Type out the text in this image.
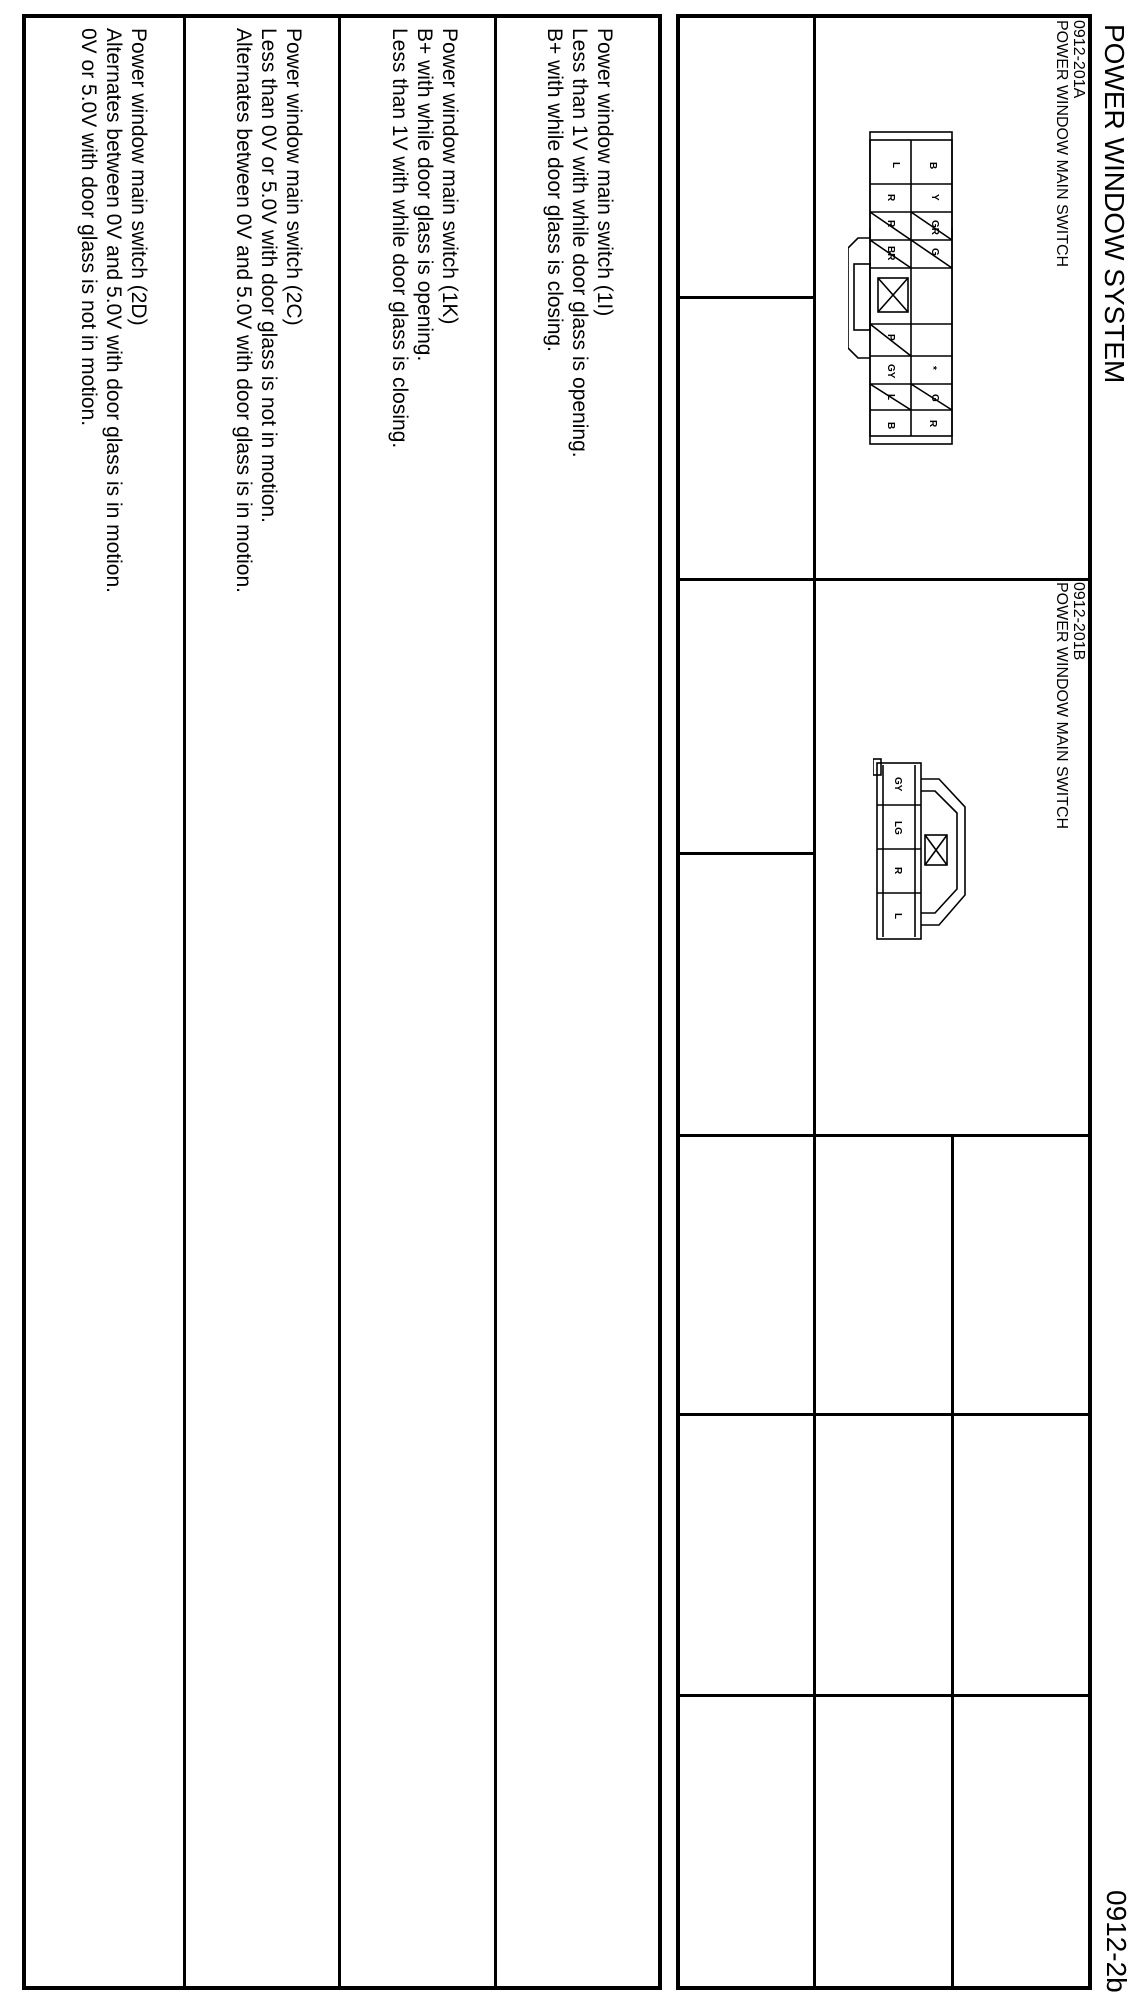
POWER WINDOW SYSTEM
0912-2b
0912-201A
POWER WINDOW MAIN SWITCH
B
L
Y
R
GR
R
G
BR
P
GY	*
G
L
R
B
0912-201B
POWER WINDOW MAIN SWITCH
GY
LG
R
L
Power window main switch (1I)
Less than 1V with while door glass is opening.
B+ with while door glass is closing.
Power window main switch (1K)
B+ with while door glass is opening.
Less than 1V with while door glass is closing.
Power window main switch (2C)
Less than 0V or 5.0V with door glass is not in motion.
Alternates between 0V and 5.0V with door glass is in motion.
Power window main switch (2D)
Alternates between 0V and 5.0V with door glass is in motion.
0V or 5.0V with door glass is not in motion.
